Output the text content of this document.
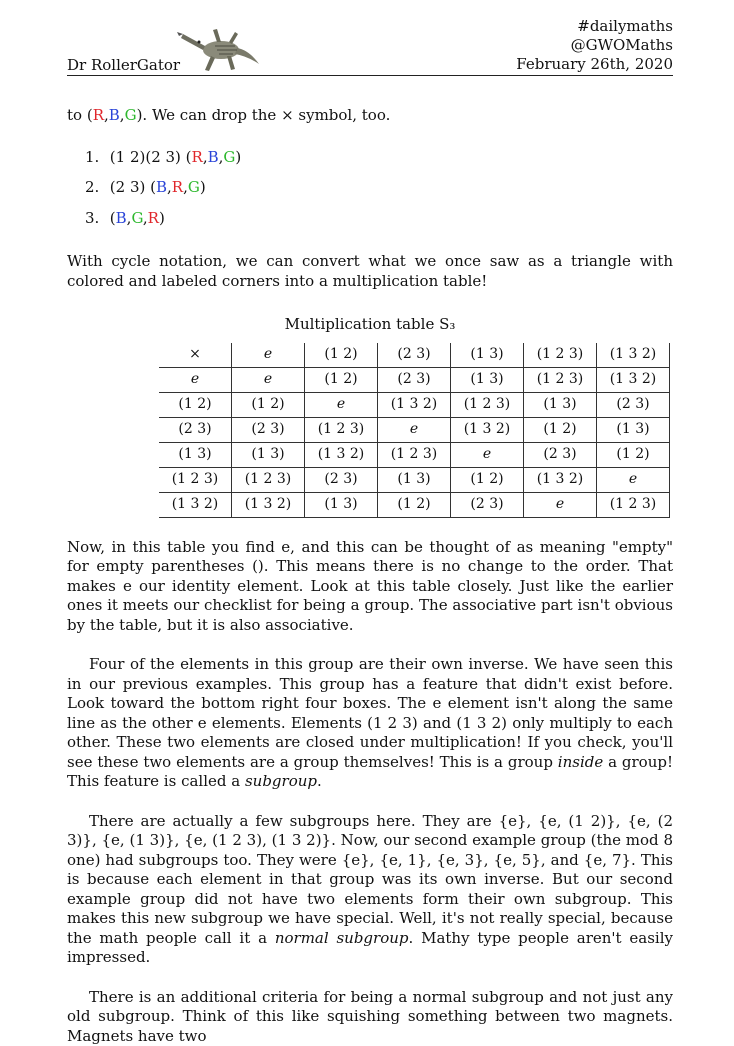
Dr RollerGator
#dailymaths
@GWOMaths
February 26th, 2020

to (R,B,G). We can drop the × symbol, too.

1. (1 2)(2 3) (R,B,G)
2. (2 3) (B,R,G)
3. (B,G,R)

With cycle notation, we can convert what we once saw as a triangle with colored and labeled corners into a multiplication table!

Multiplication table S₃
×	e	(1 2)	(2 3)	(1 3)	(1 2 3)	(1 3 2)
e	e	(1 2)	(2 3)	(1 3)	(1 2 3)	(1 3 2)
(1 2)	(1 2)	e	(1 3 2)	(1 2 3)	(1 3)	(2 3)
(2 3)	(2 3)	(1 2 3)	e	(1 3 2)	(1 2)	(1 3)
(1 3)	(1 3)	(1 3 2)	(1 2 3)	e	(2 3)	(1 2)
(1 2 3)	(1 2 3)	(2 3)	(1 3)	(1 2)	(1 3 2)	e
(1 3 2)	(1 3 2)	(1 3)	(1 2)	(2 3)	e	(1 2 3)

Now, in this table you find e, and this can be thought of as meaning "empty" for empty parentheses (). This means there is no change to the order. That makes e our identity element. Look at this table closely. Just like the earlier ones it meets our checklist for being a group. The associative part isn't obvious by the table, but it is also associative.

Four of the elements in this group are their own inverse. We have seen this in our previous examples. This group has a feature that didn't exist before. Look toward the bottom right four boxes. The e element isn't along the same line as the other e elements. Elements (1 2 3) and (1 3 2) only multiply to each other. These two elements are closed under multiplication! If you check, you'll see these two elements are a group themselves! This is a group inside a group! This feature is called a subgroup.

There are actually a few subgroups here. They are {e}, {e, (1 2)}, {e, (2 3)}, {e, (1 3)}, {e, (1 2 3), (1 3 2)}. Now, our second example group (the mod 8 one) had subgroups too. They were {e}, {e, 1}, {e, 3}, {e, 5}, and {e, 7}. This is because each element in that group was its own inverse. But our second example group did not have two elements form their own subgroup. This makes this new subgroup we have special. Well, it's not really special, because the math people call it a normal subgroup. Mathy type people aren't easily impressed.

There is an additional criteria for being a normal subgroup and not just any old subgroup. Think of this like squishing something between two magnets. Magnets have two
